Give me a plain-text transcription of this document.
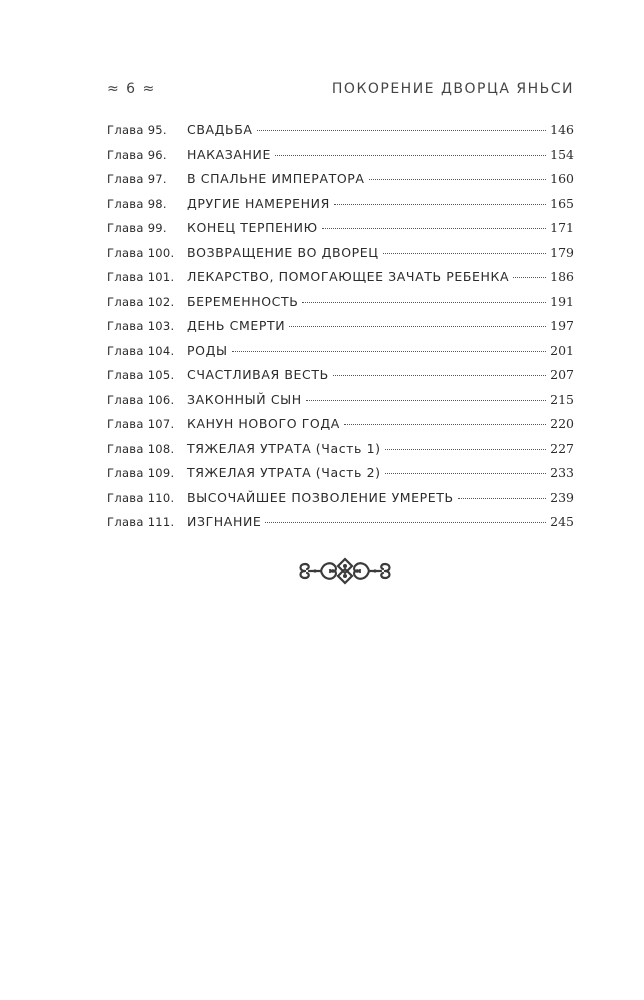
≈ 6 ≈	ПОКОРЕНИЕ ДВОРЦА ЯНЬСИ
Глава 95.	СВАДЬБА	146
Глава 96.	НАКАЗАНИЕ	154
Глава 97.	В СПАЛЬНЕ ИМПЕРАТОРА	160
Глава 98.	ДРУГИЕ НАМЕРЕНИЯ	165
Глава 99.	КОНЕЦ ТЕРПЕНИЮ	171
Глава 100.	ВОЗВРАЩЕНИЕ ВО ДВОРЕЦ	179
Глава 101.	ЛЕКАРСТВО, ПОМОГАЮЩЕЕ ЗАЧАТЬ РЕБЕНКА	186
Глава 102.	БЕРЕМЕННОСТЬ	191
Глава 103.	ДЕНЬ СМЕРТИ	197
Глава 104.	РОДЫ	201
Глава 105.	СЧАСТЛИВАЯ ВЕСТЬ	207
Глава 106.	ЗАКОННЫЙ СЫН	215
Глава 107.	КАНУН НОВОГО ГОДА	220
Глава 108.	ТЯЖЕЛАЯ УТРАТА (Часть 1)	227
Глава 109.	ТЯЖЕЛАЯ УТРАТА (Часть 2)	233
Глава 110.	ВЫСОЧАЙШЕЕ ПОЗВОЛЕНИЕ УМЕРЕТЬ	239
Глава 111.	ИЗГНАНИЕ	245
